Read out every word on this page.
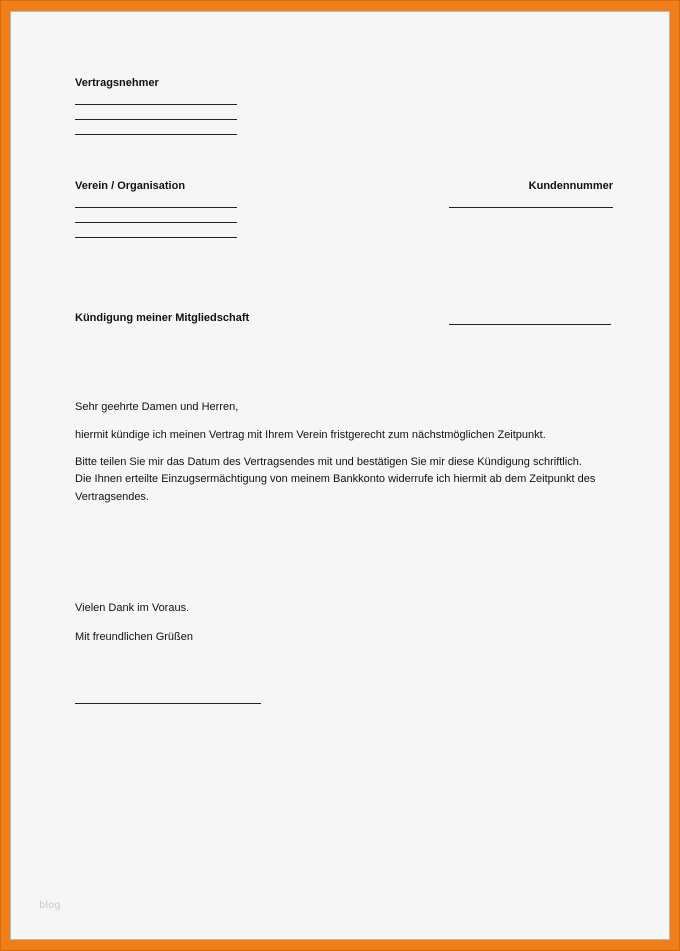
Vertragsnehmer
Verein / Organisation	Kundennummer
Kündigung meiner Mitgliedschaft
Sehr geehrte Damen und Herren,
hiermit kündige ich meinen Vertrag mit Ihrem Verein fristgerecht zum nächstmöglichen Zeitpunkt.
Bitte teilen Sie mir das Datum des Vertragsendes mit und bestätigen Sie mir diese Kündigung schriftlich.
Die Ihnen erteilte Einzugsermächtigung von meinem Bankkonto widerrufe ich hiermit ab dem Zeitpunkt des
Vertragsendes.
Vielen Dank im Voraus.
Mit freundlichen Grüßen
blog
